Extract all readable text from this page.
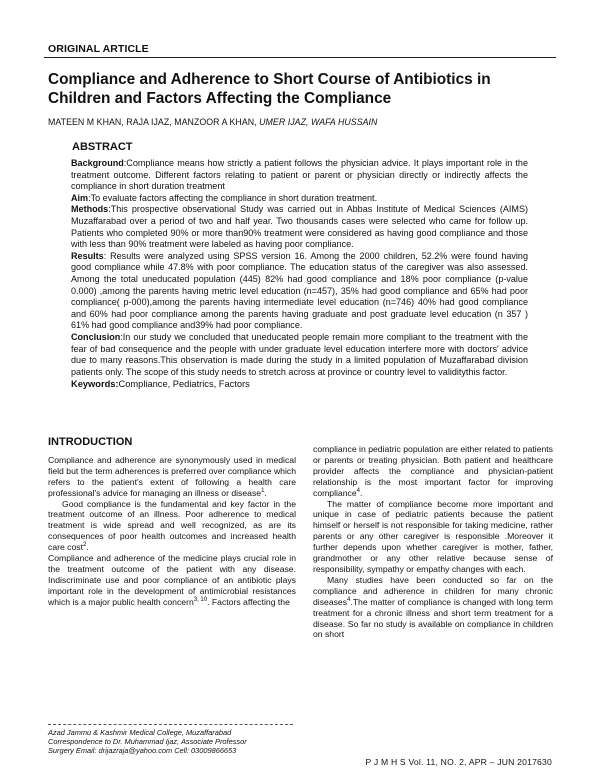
ORIGINAL ARTICLE
Compliance and Adherence to Short Course of Antibiotics in Children and Factors Affecting the Compliance
MATEEN M KHAN, RAJA IJAZ, MANZOOR A KHAN, UMER IJAZ, WAFA HUSSAIN
ABSTRACT

Background:Compliance means how strictly a patient follows the physician advice. It plays important role in the treatment outcome. Different factors relating to patient or parent or physician directly or indirectly affects the compliance in short duration treatment

Aim:To evaluate factors affecting the compliance in short duration treatment.

Methods:This prospective observational Study was carried out in Abbas Institute of Medical Sciences (AIMS) Muzaffarabad over a period of two and half year. Two thousands cases were selected who came for follow up. Patients who completed 90% or more than90% treatment were considered as having good compliance and those with less than 90% treatment were labeled as having poor compliance.

Results: Results were analyzed using SPSS version 16. Among the 2000 children, 52.2% were found having good compliance while 47.8% with poor compliance. The education status of the caregiver was also assessed. Among the total uneducated population (445) 82% had good compliance and 18% poor compliance (p-value 0.000) ,among the parents having metric level education (n=457), 35% had good compliance and 65% had poor compliance( p-000),among the parents having intermediate level education (n=746) 40% had good compliance and 60% had poor compliance among the parents having graduate and post graduate level education (n 357 ) 61% had good compliance and39% had poor compliance.

Conclusion:In our study we concluded that uneducated people remain more compliant to the treatment with the fear of bad consequence and the people with under graduate level education interfere more with doctors' advice due to many reasons.This observation is made during the study in a limited population of Muzaffarabad division patients only. The scope of this study needs to stretch across at province or country level to validitythis factor.

Keywords:Compliance, Pediatrics, Factors

INTRODUCTION

Compliance and adherence are synonymously used in medical field but the term adherences is preferred over compliance which refers to the patient's extent of following a health care professional's advice for managing an illness or disease$^1$.

Good compliance is the fundamental and key factor in the treatment outcome of an illness. Poor adherence to medical treatment is wide spread and well recognized, as are its consequences of poor health outcomes and increased health care cost$^2$.

Compliance and adherence of the medicine plays crucial role in the treatment outcome of the patient with any disease. Indiscriminate use and poor compliance of an antibiotic plays important role in the development of antimicrobial resistances which is a major public health concern$^{3, 10}$. Factors affecting the

Azad Jammu & Kashmir Medical College, Muzaffarabad
Correspondence to Dr. Muhammad Ijaz, Associate Professor
Surgery Email: drijazraja@yahoo.com Cell: 03009866653

compliance in pediatric population are either related to patients or parents or treating physician. Both patient and healthcare provider affects the compliance and physician-patient relationship is the most important factor for improving compliance$^4$.

The matter of compliance become more important and unique in case of pediatric patients because the patient himself or herself is not responsible for taking medicine, rather parents or any other caregiver is responsible .Moreover it further depends upon whether caregiver is mother, father, grandmother or any other relative because sense of responsibility, sympathy or empathy changes with each.

Many studies have been conducted so far on the compliance and adherence in children for many chronic diseases$^4$.The matter of compliance is changed with long term treatment for a chronic illness and short term treatment for a disease. So far no study is available on compliance in children on short

P J M H S Vol. 11, NO. 2, APR – JUN 2017630
